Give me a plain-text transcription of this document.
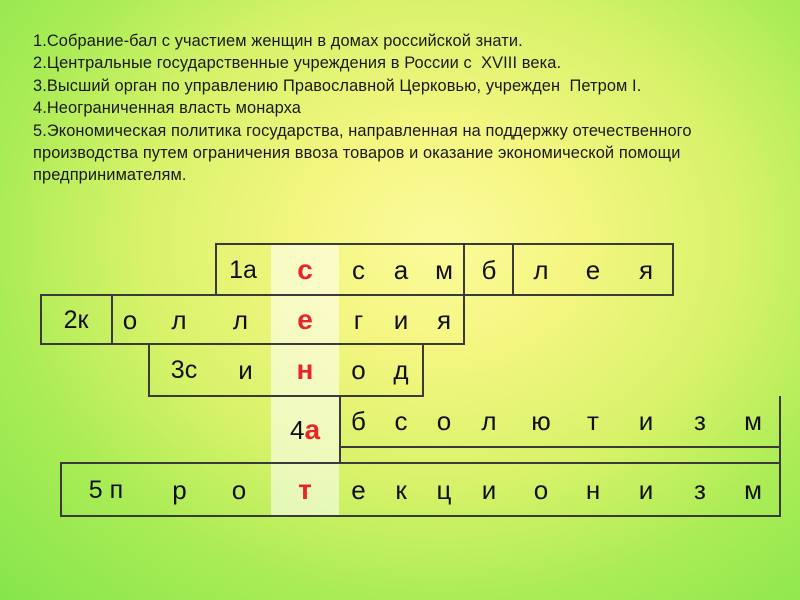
1.Собрание-бал с участием женщин в домах российской знати.
2.Центральные государственные учреждения в России с  XVIII века.
3.Высший орган по управлению Православной Церковью, учрежден  Петром I.
4.Неограниченная власть монарха
5.Экономическая политика государства, направленная на поддержку отечественного производства путем ограничения ввоза товаров и оказание экономической помощи предпринимателям.
1а	с	с	а	м	б	л	е	я
2к	о	л	л	е	г	и	я
3с	и	н	о	д
4 а	б	с	о	л	ю	т	и	з	м
5 п	р	о	т	е	к	ц	и	о	н	и	з	м
